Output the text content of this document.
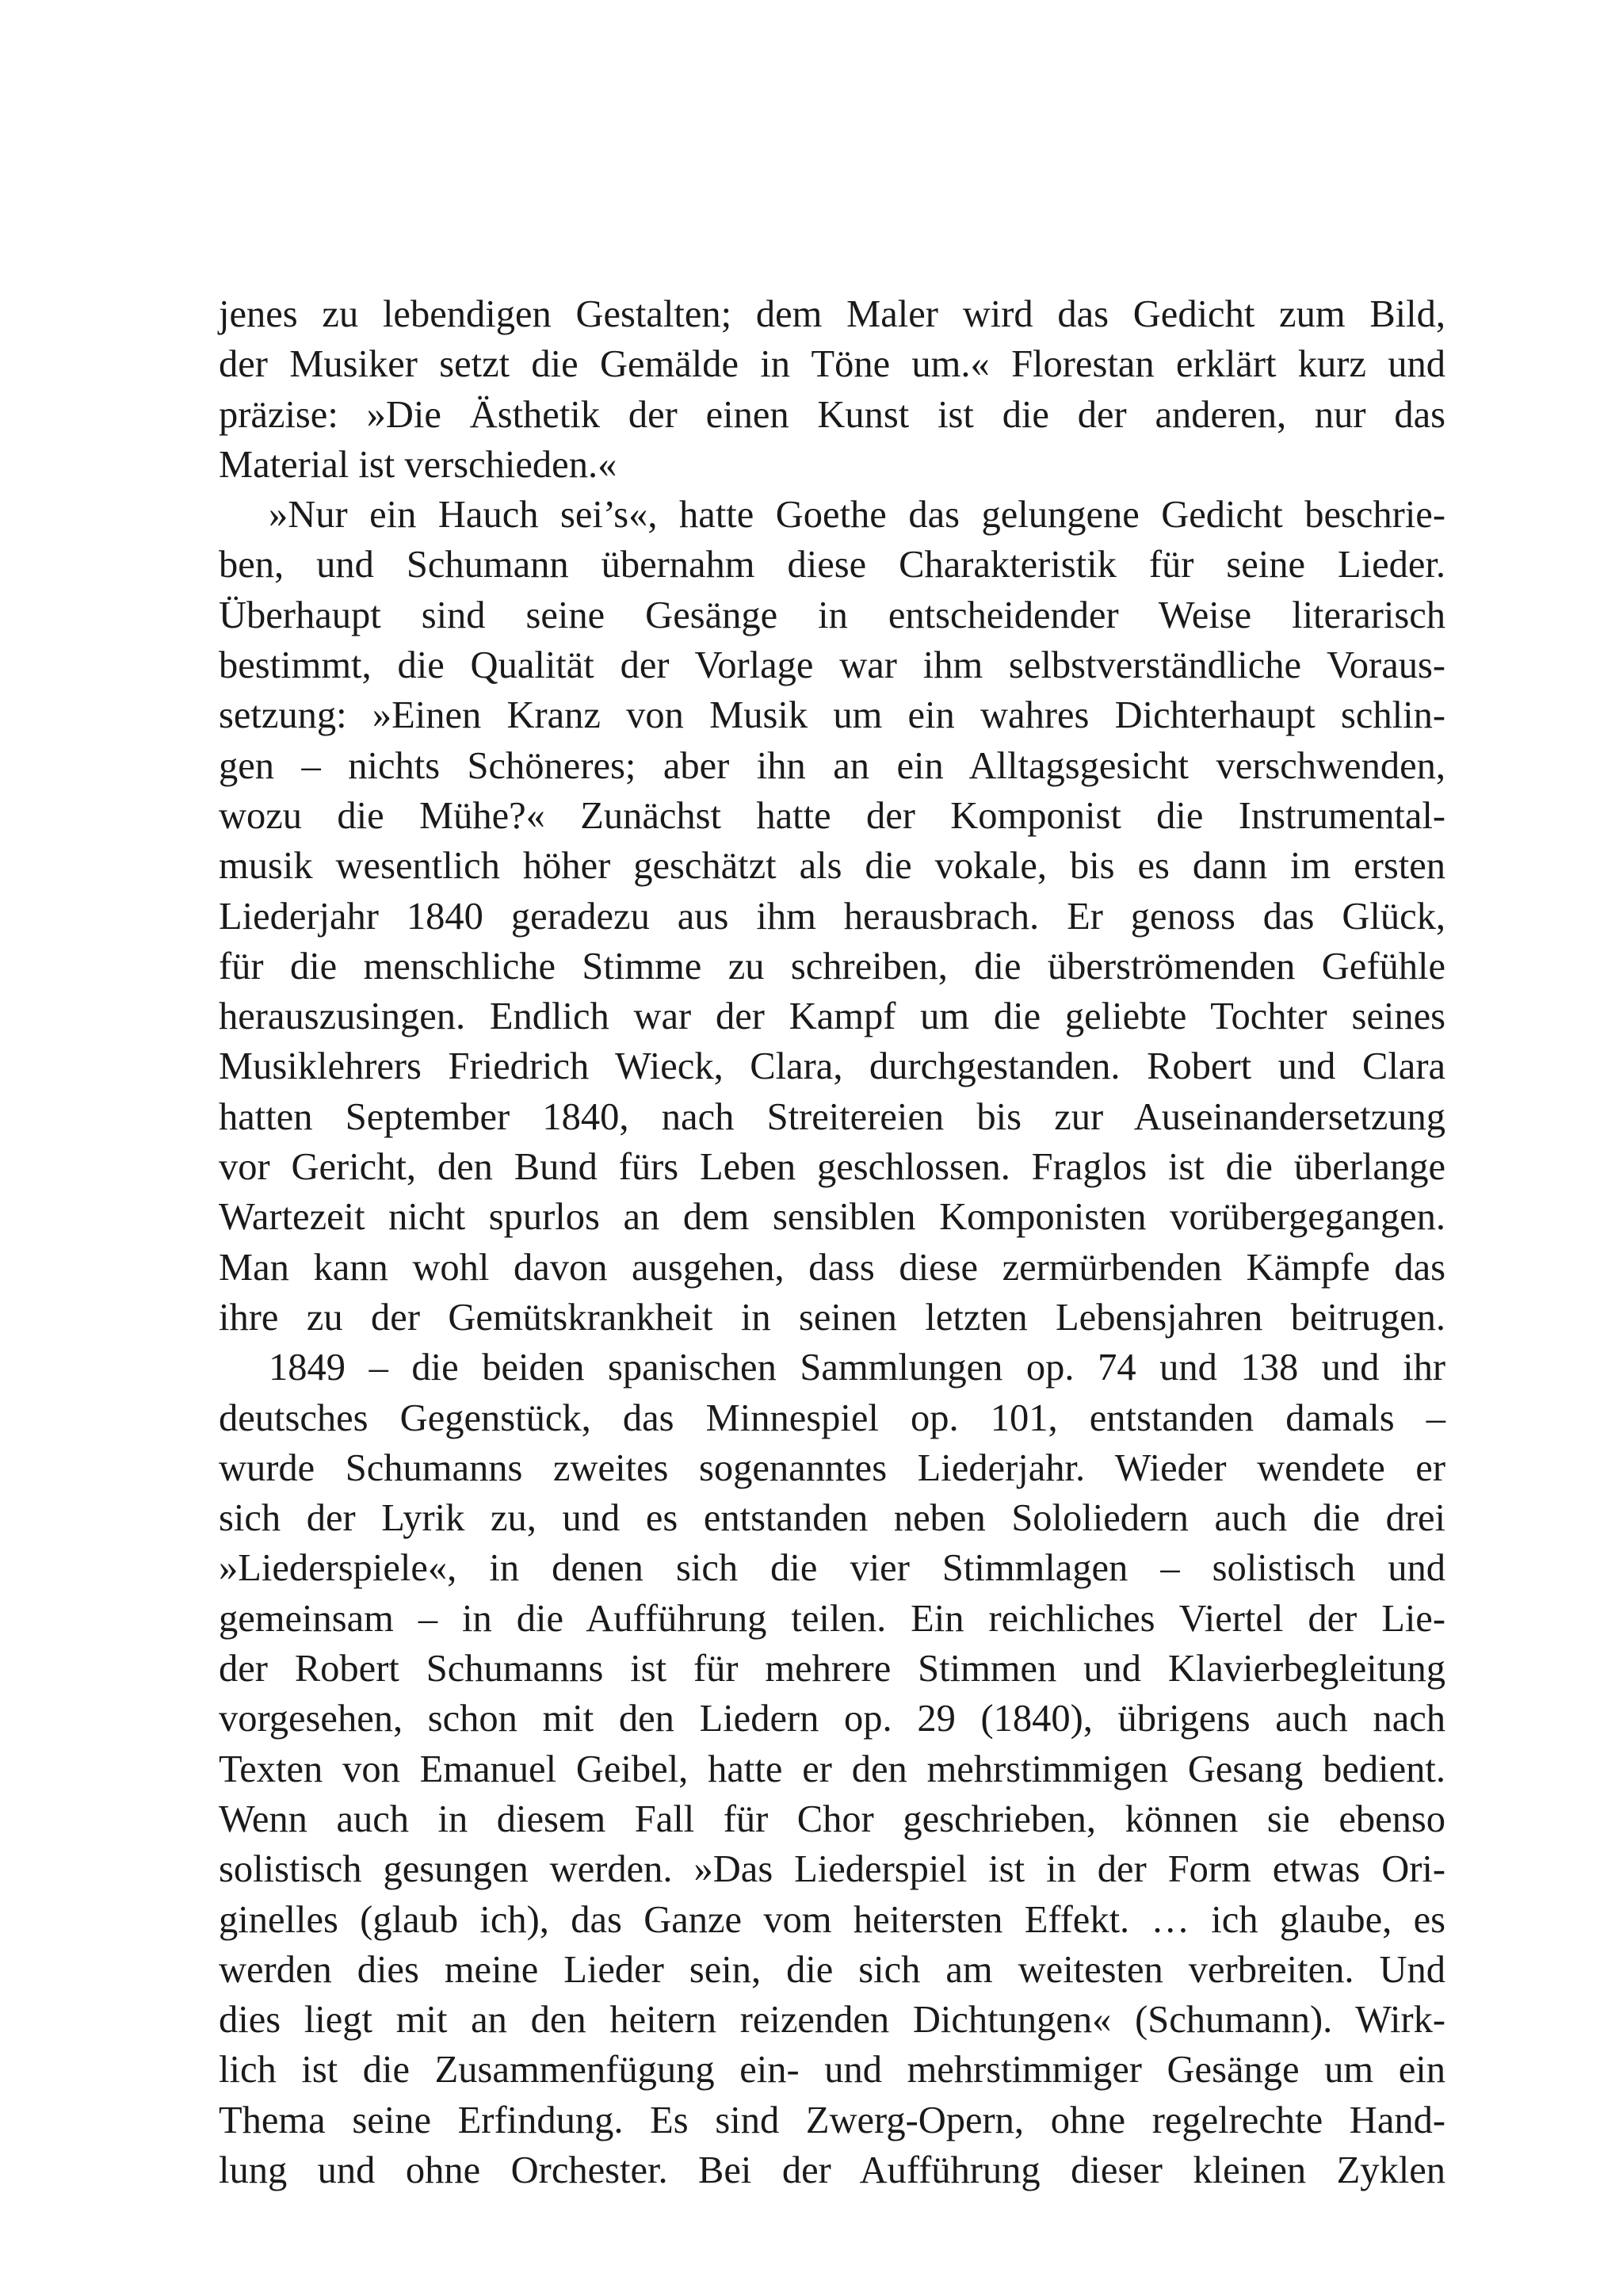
jenes zu lebendigen Gestalten; dem Maler wird das Gedicht zum Bild,
der Musiker setzt die Gemälde in Töne um.« Florestan erklärt kurz und
präzise: »Die Ästhetik der einen Kunst ist die der anderen, nur das
Material ist verschieden.«
»Nur ein Hauch sei’s«, hatte Goethe das gelungene Gedicht beschrie-
ben, und Schumann übernahm diese Charakteristik für seine Lieder.
Überhaupt sind seine Gesänge in entscheidender Weise literarisch
bestimmt, die Qualität der Vorlage war ihm selbstverständliche Voraus-
setzung: »Einen Kranz von Musik um ein wahres Dichterhaupt schlin-
gen – nichts Schöneres; aber ihn an ein Alltagsgesicht verschwenden,
wozu die Mühe?« Zunächst hatte der Komponist die Instrumental-
musik wesentlich höher geschätzt als die vokale, bis es dann im ersten
Liederjahr 1840 geradezu aus ihm herausbrach. Er genoss das Glück,
für die menschliche Stimme zu schreiben, die überströmenden Gefühle
herauszusingen. Endlich war der Kampf um die geliebte Tochter seines
Musiklehrers Friedrich Wieck, Clara, durchgestanden. Robert und Clara
hatten September 1840, nach Streitereien bis zur Auseinandersetzung
vor Gericht, den Bund fürs Leben geschlossen. Fraglos ist die überlange
Wartezeit nicht spurlos an dem sensiblen Komponisten vorübergegangen.
Man kann wohl davon ausgehen, dass diese zermürbenden Kämpfe das
ihre zu der Gemütskrankheit in seinen letzten Lebensjahren beitrugen.
1849 – die beiden spanischen Sammlungen op. 74 und 138 und ihr
deutsches Gegenstück, das Minnespiel op. 101, entstanden damals –
wurde Schumanns zweites sogenanntes Liederjahr. Wieder wendete er
sich der Lyrik zu, und es entstanden neben Sololiedern auch die drei
»Liederspiele«, in denen sich die vier Stimmlagen – solistisch und
gemeinsam – in die Aufführung teilen. Ein reichliches Viertel der Lie-
der Robert Schumanns ist für mehrere Stimmen und Klavierbegleitung
vorgesehen, schon mit den Liedern op. 29 (1840), übrigens auch nach
Texten von Emanuel Geibel, hatte er den mehrstimmigen Gesang bedient.
Wenn auch in diesem Fall für Chor geschrieben, können sie ebenso
solistisch gesungen werden. »Das Liederspiel ist in der Form etwas Ori-
ginelles (glaub ich), das Ganze vom heitersten Effekt. … ich glaube, es
werden dies meine Lieder sein, die sich am weitesten verbreiten. Und
dies liegt mit an den heitern reizenden Dichtungen« (Schumann). Wirk-
lich ist die Zusammenfügung ein- und mehrstimmiger Gesänge um ein
Thema seine Erfindung. Es sind Zwerg-Opern, ohne regelrechte Hand-
lung und ohne Orchester. Bei der Aufführung dieser kleinen Zyklen
